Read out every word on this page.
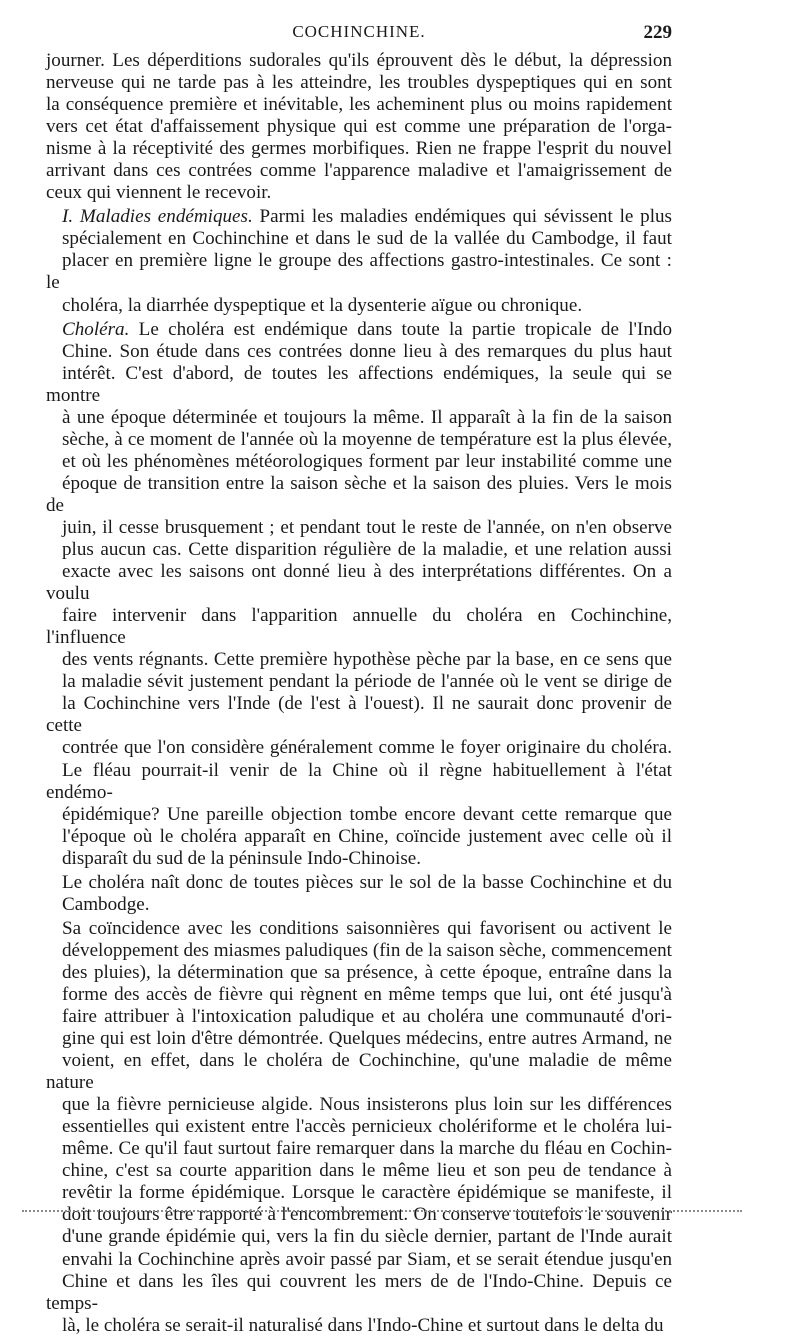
COCHINCHINE.	229

journer. Les déperditions sudorales qu'ils éprouvent dès le début, la dépression
nerveuse qui ne tarde pas à les atteindre, les troubles dyspeptiques qui en sont
la conséquence première et inévitable, les acheminent plus ou moins rapidement
vers cet état d'affaissement physique qui est comme une préparation de l'orga-
nisme à la réceptivité des germes morbifiques. Rien ne frappe l'esprit du nouvel
arrivant dans ces contrées comme l'apparence maladive et l'amaigrissement de
ceux qui viennent le recevoir.

I. Maladies endémiques. Parmi les maladies endémiques qui sévissent le plus
spécialement en Cochinchine et dans le sud de la vallée du Cambodge, il faut
placer en première ligne le groupe des affections gastro-intestinales. Ce sont : le
choléra, la diarrhée dyspeptique et la dysenterie aïgue ou chronique.

Choléra. Le choléra est endémique dans toute la partie tropicale de l'Indo
Chine. Son étude dans ces contrées donne lieu à des remarques du plus haut
intérêt. C'est d'abord, de toutes les affections endémiques, la seule qui se montre
à une époque déterminée et toujours la même. Il apparaît à la fin de la saison
sèche, à ce moment de l'année où la moyenne de température est la plus élevée,
et où les phénomènes météorologiques forment par leur instabilité comme une
époque de transition entre la saison sèche et la saison des pluies. Vers le mois de
juin, il cesse brusquement ; et pendant tout le reste de l'année, on n'en observe
plus aucun cas. Cette disparition régulière de la maladie, et une relation aussi
exacte avec les saisons ont donné lieu à des interprétations différentes. On a voulu
faire intervenir dans l'apparition annuelle du choléra en Cochinchine, l'influence
des vents régnants. Cette première hypothèse pèche par la base, en ce sens que
la maladie sévit justement pendant la période de l'année où le vent se dirige de
la Cochinchine vers l'Inde (de l'est à l'ouest). Il ne saurait donc provenir de cette
contrée que l'on considère généralement comme le foyer originaire du choléra.
Le fléau pourrait-il venir de la Chine où il règne habituellement à l'état endémo-
épidémique? Une pareille objection tombe encore devant cette remarque que
l'époque où le choléra apparaît en Chine, coïncide justement avec celle où il
disparaît du sud de la péninsule Indo-Chinoise.

Le choléra naît donc de toutes pièces sur le sol de la basse Cochinchine et du
Cambodge.

Sa coïncidence avec les conditions saisonnières qui favorisent ou activent le
développement des miasmes paludiques (fin de la saison sèche, commencement
des pluies), la détermination que sa présence, à cette époque, entraîne dans la
forme des accès de fièvre qui règnent en même temps que lui, ont été jusqu'à
faire attribuer à l'intoxication paludique et au choléra une communauté d'ori-
gine qui est loin d'être démontrée. Quelques médecins, entre autres Armand, ne
voient, en effet, dans le choléra de Cochinchine, qu'une maladie de même nature
que la fièvre pernicieuse algide. Nous insisterons plus loin sur les différences
essentielles qui existent entre l'accès pernicieux cholériforme et le choléra lui-
même. Ce qu'il faut surtout faire remarquer dans la marche du fléau en Cochin-
chine, c'est sa courte apparition dans le même lieu et son peu de tendance à
revêtir la forme épidémique. Lorsque le caractère épidémique se manifeste, il
doit toujours être rapporté à l'encombrement. On conserve toutefois le souvenir
d'une grande épidémie qui, vers la fin du siècle dernier, partant de l'Inde aurait
envahi la Cochinchine après avoir passé par Siam, et se serait étendue jusqu'en
Chine et dans les îles qui couvrent les mers de de l'Indo-Chine. Depuis ce temps-
là, le choléra se serait-il naturalisé dans l'Indo-Chine et surtout dans le delta du
